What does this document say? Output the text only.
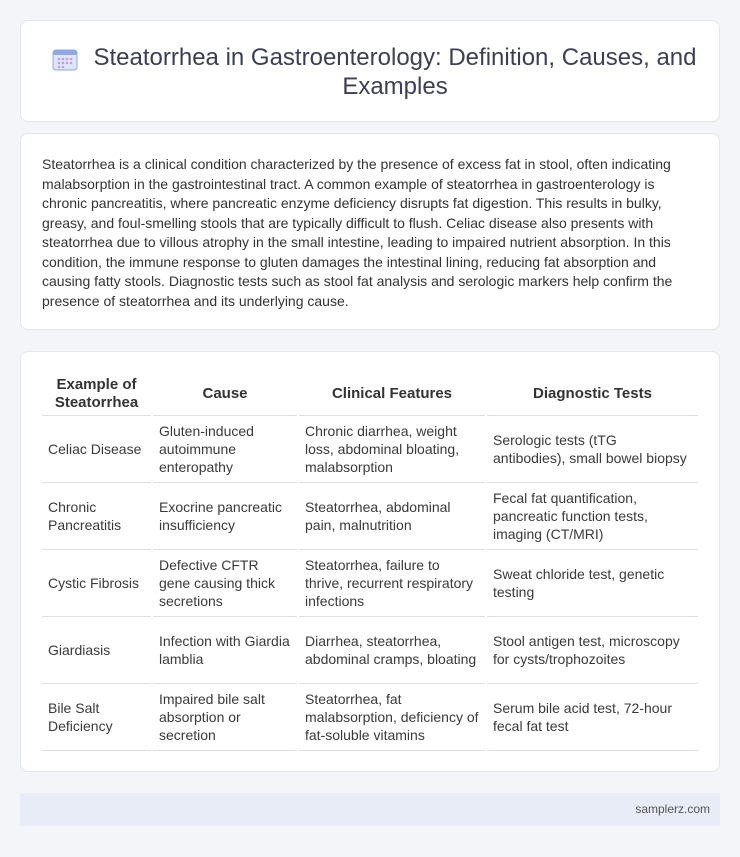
Steatorrhea in Gastroenterology: Definition, Causes, and Examples

Steatorrhea is a clinical condition characterized by the presence of excess fat in stool, often indicating malabsorption in the gastrointestinal tract. A common example of steatorrhea in gastroenterology is chronic pancreatitis, where pancreatic enzyme deficiency disrupts fat digestion. This results in bulky, greasy, and foul-smelling stools that are typically difficult to flush. Celiac disease also presents with steatorrhea due to villous atrophy in the small intestine, leading to impaired nutrient absorption. In this condition, the immune response to gluten damages the intestinal lining, reducing fat absorption and causing fatty stools. Diagnostic tests such as stool fat analysis and serologic markers help confirm the presence of steatorrhea and its underlying cause.

Example of Steatorrhea	Cause	Clinical Features	Diagnostic Tests
Celiac Disease	Gluten-induced autoimmune enteropathy	Chronic diarrhea, weight loss, abdominal bloating, malabsorption	Serologic tests (tTG antibodies), small bowel biopsy
Chronic Pancreatitis	Exocrine pancreatic insufficiency	Steatorrhea, abdominal pain, malnutrition	Fecal fat quantification, pancreatic function tests, imaging (CT/MRI)
Cystic Fibrosis	Defective CFTR gene causing thick secretions	Steatorrhea, failure to thrive, recurrent respiratory infections	Sweat chloride test, genetic testing
Giardiasis	Infection with Giardia lamblia	Diarrhea, steatorrhea, abdominal cramps, bloating	Stool antigen test, microscopy for cysts/trophozoites
Bile Salt Deficiency	Impaired bile salt absorption or secretion	Steatorrhea, fat malabsorption, deficiency of fat-soluble vitamins	Serum bile acid test, 72-hour fecal fat test
samplerz.com
